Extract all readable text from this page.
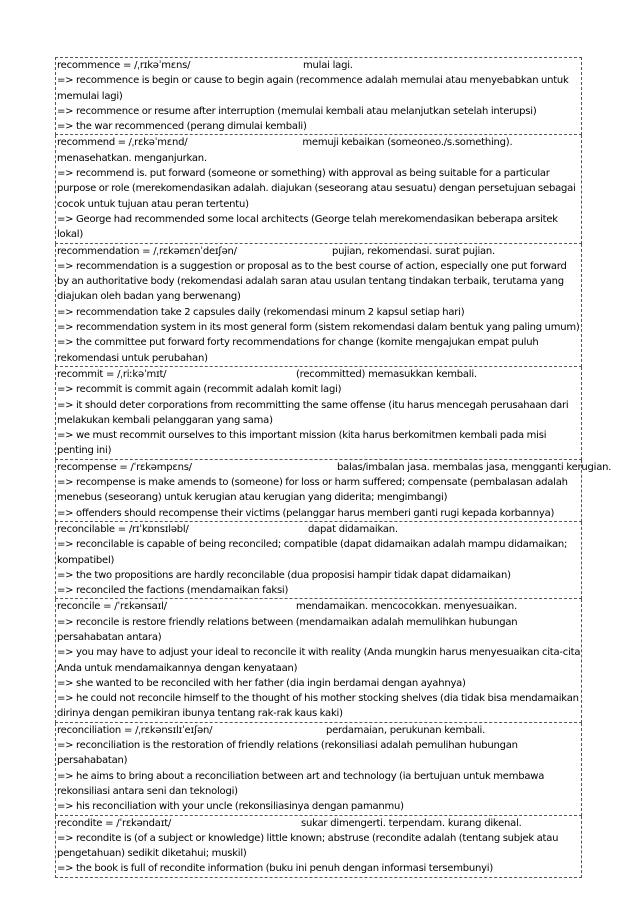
recommence = /ˌrɪkəˈmɛns/	mulai lagi.
=> recommence is begin or cause to begin again (recommence adalah memulai atau menyebabkan untuk memulai lagi)
=> recommence or resume after interruption (memulai kembali atau melanjutkan setelah interupsi)
=> the war recommenced (perang dimulai kembali)
recommend = /ˌrɛkəˈmɛnd/	memuji kebaikan (someoneo./s.something). menasehatkan. menganjurkan.
=> recommend is. put forward (someone or something) with approval as being suitable for a particular purpose or role (merekomendasikan adalah. diajukan (seseorang atau sesuatu) dengan persetujuan sebagai cocok untuk tujuan atau peran tertentu)
=> George had recommended some local architects (George telah merekomendasikan beberapa arsitek lokal)
recommendation = /ˌrɛkəmɛnˈdeɪʃən/	pujian, rekomendasi. surat pujian.
=> recommendation is a suggestion or proposal as to the best course of action, especially one put forward by an authoritative body (rekomendasi adalah saran atau usulan tentang tindakan terbaik, terutama yang diajukan oleh badan yang berwenang)
=> recommendation take 2 capsules daily (rekomendasi minum 2 kapsul setiap hari)
=> recommendation system in its most general form (sistem rekomendasi dalam bentuk yang paling umum)
=> the committee put forward forty recommendations for change (komite mengajukan empat puluh rekomendasi untuk perubahan)
recommit = /ˌriːkəˈmɪt/	(recommitted) memasukkan kembali.
=> recommit is commit again (recommit adalah komit lagi)
=> it should deter corporations from recommitting the same offense (itu harus mencegah perusahaan dari melakukan kembali pelanggaran yang sama)
=> we must recommit ourselves to this important mission (kita harus berkomitmen kembali pada misi penting ini)
recompense = /ˈrɛkəmpɛns/	balas/imbalan jasa. membalas jasa, mengganti kerugian.
=> recompense is make amends to (someone) for loss or harm suffered; compensate (pembalasan adalah menebus (seseorang) untuk kerugian atau kerugian yang diderita; mengimbangi)
=> offenders should recompense their victims (pelanggar harus memberi ganti rugi kepada korbannya)
reconcilable = /rɪˈkɒnsɪləbl/	dapat didamaikan.
=> reconcilable is capable of being reconciled; compatible (dapat didamaikan adalah mampu didamaikan; kompatibel)
=> the two propositions are hardly reconcilable (dua proposisi hampir tidak dapat didamaikan)
=> reconciled the factions (mendamaikan faksi)
reconcile = /ˈrɛkənsaɪl/	mendamaikan. mencocokkan. menyesuaikan.
=> reconcile is restore friendly relations between (mendamaikan adalah memulihkan hubungan persahabatan antara)
=> you may have to adjust your ideal to reconcile it with reality (Anda mungkin harus menyesuaikan cita-cita Anda untuk mendamaikannya dengan kenyataan)
=> she wanted to be reconciled with her father (dia ingin berdamai dengan ayahnya)
=> he could not reconcile himself to the thought of his mother stocking shelves (dia tidak bisa mendamaikan dirinya dengan pemikiran ibunya tentang rak-rak kaus kaki)
reconciliation = /ˌrɛkənsɪlɪˈeɪʃən/	perdamaian, perukunan kembali.
=> reconciliation is the restoration of friendly relations (rekonsiliasi adalah pemulihan hubungan persahabatan)
=> he aims to bring about a reconciliation between art and technology (ia bertujuan untuk membawa rekonsiliasi antara seni dan teknologi)
=> his reconciliation with your uncle (rekonsiliasinya dengan pamanmu)
recondite = /ˈrɛkəndaɪt/	sukar dimengerti. terpendam. kurang dikenal.
=> recondite is (of a subject or knowledge) little known; abstruse (recondite adalah (tentang subjek atau pengetahuan) sedikit diketahui; muskil)
=> the book is full of recondite information (buku ini penuh dengan informasi tersembunyi)
